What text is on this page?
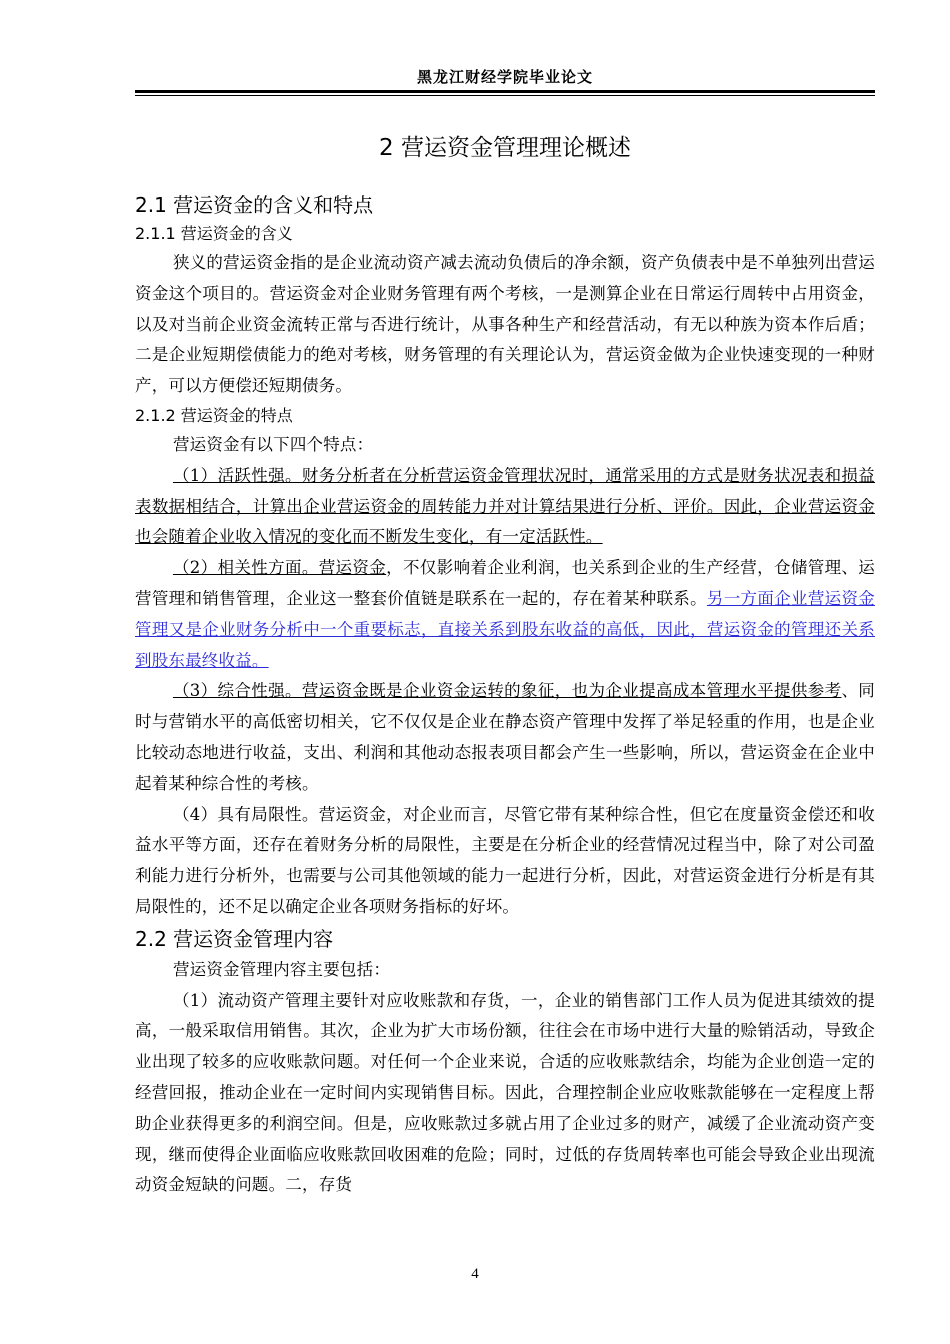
黑龙江财经学院毕业论文
2 营运资金管理理论概述
2.1 营运资金的含义和特点
2.1.1 营运资金的含义

狭义的营运资金指的是企业流动资产减去流动负债后的净余额，资产负债表中是不单独列出营运资金这个项目的。营运资金对企业财务管理有两个考核，一是测算企业在日常运行周转中占用资金，以及对当前企业资金流转正常与否进行统计，从事各种生产和经营活动，有无以种族为资本作后盾；二是企业短期偿债能力的绝对考核，财务管理的有关理论认为，营运资金做为企业快速变现的一种财产，可以方便偿还短期债务。

2.1.2 营运资金的特点

营运资金有以下四个特点：

（1）活跃性强。财务分析者在分析营运资金管理状况时，通常采用的方式是财务状况表和损益表数据相结合，计算出企业营运资金的周转能力并对计算结果进行分析、评价。因此，企业营运资金也会随着企业收入情况的变化而不断发生变化，有一定活跃性。

（2）相关性方面。营运资金，不仅影响着企业利润，也关系到企业的生产经营，仓储管理、运营管理和销售管理，企业这一整套价值链是联系在一起的，存在着某种联系。另一方面企业营运资金管理又是企业财务分析中一个重要标志，直接关系到股东收益的高低，因此，营运资金的管理还关系到股东最终收益。

（3）综合性强。营运资金既是企业资金运转的象征，也为企业提高成本管理水平提供参考、同时与营销水平的高低密切相关，它不仅仅是企业在静态资产管理中发挥了举足轻重的作用，也是企业比较动态地进行收益，支出、利润和其他动态报表项目都会产生一些影响，所以，营运资金在企业中起着某种综合性的考核。

（4）具有局限性。营运资金，对企业而言，尽管它带有某种综合性，但它在度量资金偿还和收益水平等方面，还存在着财务分析的局限性，主要是在分析企业的经营情况过程当中，除了对公司盈利能力进行分析外，也需要与公司其他领域的能力一起进行分析，因此，对营运资金进行分析是有其局限性的，还不足以确定企业各项财务指标的好坏。

2.2 营运资金管理内容

营运资金管理内容主要包括：

（1）流动资产管理主要针对应收账款和存货，一，企业的销售部门工作人员为促进其绩效的提高，一般采取信用销售。其次，企业为扩大市场份额，往往会在市场中进行大量的赊销活动，导致企业出现了较多的应收账款问题。对任何一个企业来说，合适的应收账款结余，均能为企业创造一定的经营回报，推动企业在一定时间内实现销售目标。因此，合理控制企业应收账款能够在一定程度上帮助企业获得更多的利润空间。但是，应收账款过多就占用了企业过多的财产，减缓了企业流动资产变现，继而使得企业面临应收账款回收困难的危险；同时，过低的存货周转率也可能会导致企业出现流动资金短缺的问题。二，存货

4
